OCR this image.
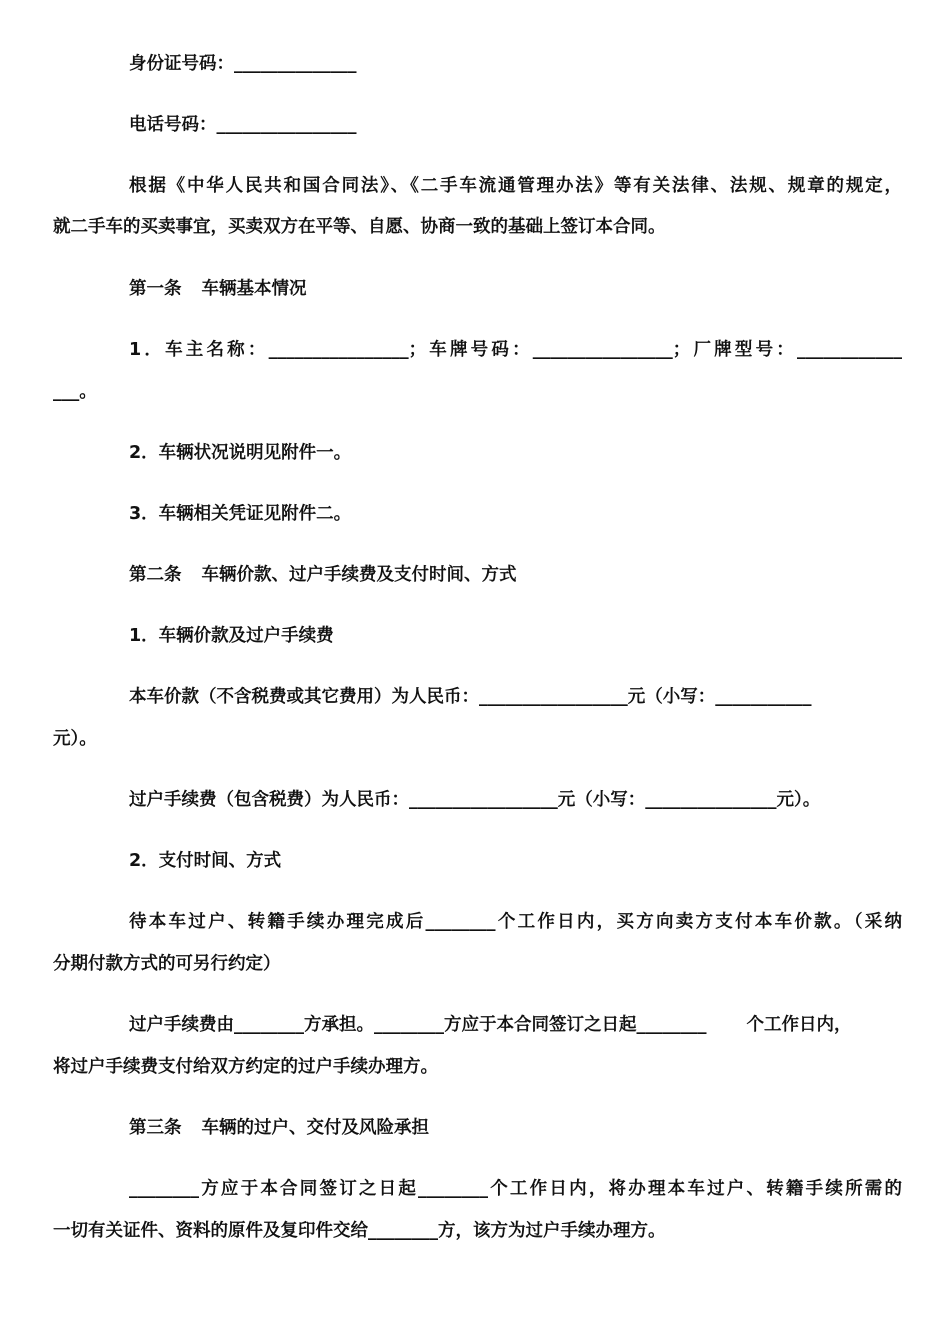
身份证号码：______________
电话号码：________________
根据《中华人民共和国合同法》、《二手车流通管理办法》等有关法律、法规、规章的规定，
就二手车的买卖事宜，买卖双方在平等、自愿、协商一致的基础上签订本合同。
第一条 车辆基本情况
1．车主名称：________________；车牌号码：________________；厂牌型号：____________
___。
2．车辆状况说明见附件一。
3．车辆相关凭证见附件二。
第二条 车辆价款、过户手续费及支付时间、方式
1．车辆价款及过户手续费
本车价款（不含税费或其它费用）为人民币：_________________元（小写：___________
元）。
过户手续费（包含税费）为人民币：_________________元（小写：_______________元）。
2．支付时间、方式
待本车过户、转籍手续办理完成后________个工作日内，买方向卖方支付本车价款。（采纳
分期付款方式的可另行约定）
过户手续费由________方承担。________方应于本合同签订之日起________ 个工作日内，
将过户手续费支付给双方约定的过户手续办理方。
第三条 车辆的过户、交付及风险承担
________方应于本合同签订之日起________个工作日内，将办理本车过户、转籍手续所需的
一切有关证件、资料的原件及复印件交给________方，该方为过户手续办理方。
